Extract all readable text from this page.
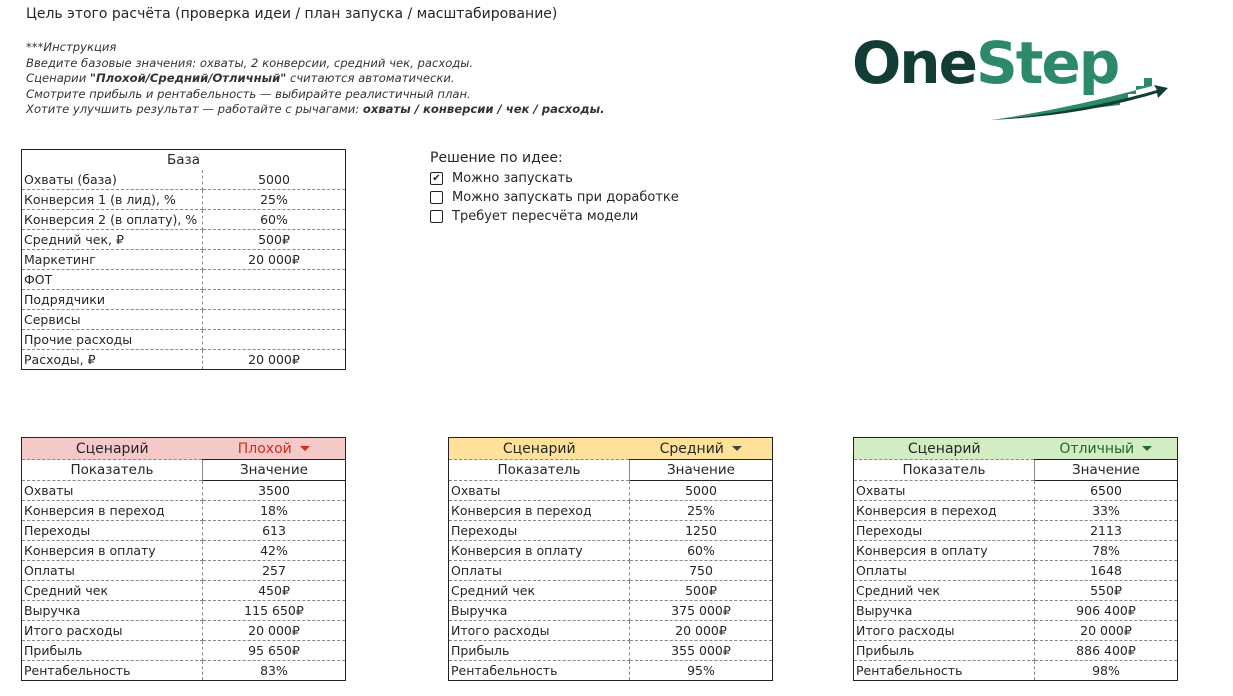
Цель этого расчёта (проверка идеи / план запуска / масштабирование)
***Инструкция
Введите базовые значения: охваты, 2 конверсии, средний чек, расходы.
Сценарии "Плохой/Средний/Отличный" считаются автоматически.
Смотрите прибыль и рентабельность — выбирайте реалистичный план.
Хотите улучшить результат — работайте с рычагами: охваты / конверсии / чек / расходы.
OneStep
База	
Охваты (база)	5000
Конверсия 1 (в лид), %	25%
Конверсия 2 (в оплату), %	60%
Средний чек, ₽	500₽
Маркетинг	20 000₽
ФОТ	
Подрядчики	
Сервисы	
Прочие расходы	
Расходы, ₽	20 000₽
Решение по идее:
✔ Можно запускать
Можно запускать при доработке
Требует пересчёта модели
Сценарий	Плохой

Показатель	Значение
Охваты	3500
Конверсия в переход	18%
Переходы	613
Конверсия в оплату	42%
Оплаты	257
Средний чек	450₽
Выручка	115 650₽
Итого расходы	20 000₽
Прибыль	95 650₽
Рентабельность	83%
Сценарий	Средний

Показатель	Значение
Охваты	5000
Конверсия в переход	25%
Переходы	1250
Конверсия в оплату	60%
Оплаты	750
Средний чек	500₽
Выручка	375 000₽
Итого расходы	20 000₽
Прибыль	355 000₽
Рентабельность	95%
Сценарий	Отличный

Показатель	Значение
Охваты	6500
Конверсия в переход	33%
Переходы	2113
Конверсия в оплату	78%
Оплаты	1648
Средний чек	550₽
Выручка	906 400₽
Итого расходы	20 000₽
Прибыль	886 400₽
Рентабельность	98%
